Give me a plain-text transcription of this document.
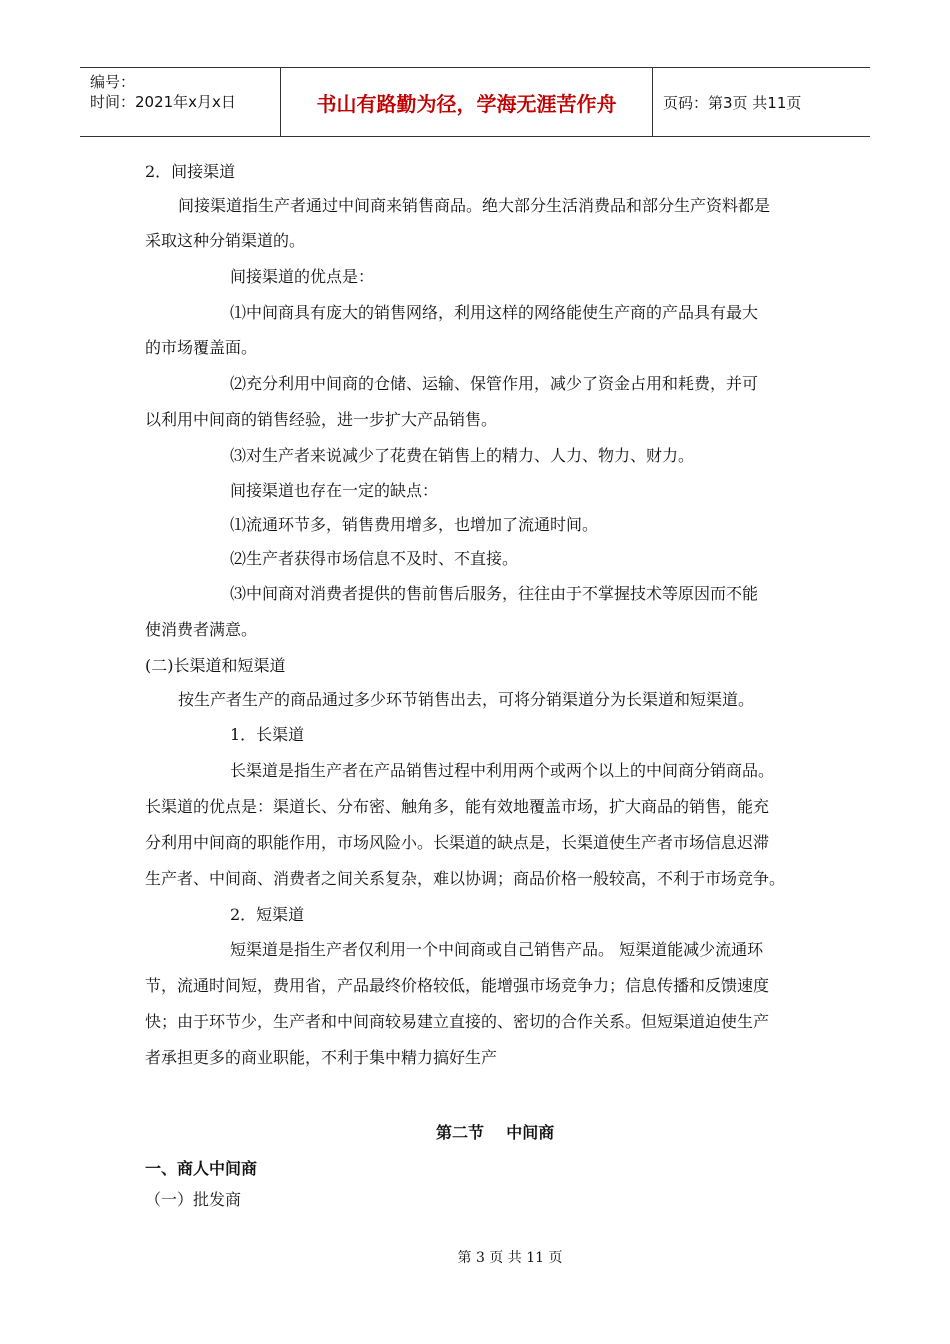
编号：
时间：2021年x月x日	书山有路勤为径，学海无涯苦作舟	页码：第3页 共11页
2．间接渠道
间接渠道指生产者通过中间商来销售商品。绝大部分生活消费品和部分生产资料都是
采取这种分销渠道的。
间接渠道的优点是：
⑴中间商具有庞大的销售网络，利用这样的网络能使生产商的产品具有最大
的市场覆盖面。
⑵充分利用中间商的仓储、运输、保管作用，减少了资金占用和耗费，并可
以利用中间商的销售经验，进一步扩大产品销售。
⑶对生产者来说减少了花费在销售上的精力、人力、物力、财力。
间接渠道也存在一定的缺点：
⑴流通环节多，销售费用增多，也增加了流通时间。
⑵生产者获得市场信息不及时、不直接。
⑶中间商对消费者提供的售前售后服务，往往由于不掌握技术等原因而不能
使消费者满意。
(二)长渠道和短渠道
按生产者生产的商品通过多少环节销售出去，可将分销渠道分为长渠道和短渠道。
1．长渠道
长渠道是指生产者在产品销售过程中利用两个或两个以上的中间商分销商品。
长渠道的优点是：渠道长、分布密、触角多，能有效地覆盖市场，扩大商品的销售，能充
分利用中间商的职能作用，市场风险小。长渠道的缺点是，长渠道使生产者市场信息迟滞
生产者、中间商、消费者之间关系复杂，难以协调；商品价格一般较高，不利于市场竞争。
2．短渠道
短渠道是指生产者仅利用一个中间商或自己销售产品。 短渠道能减少流通环
节，流通时间短，费用省，产品最终价格较低，能增强市场竞争力；信息传播和反馈速度
快；由于环节少，生产者和中间商较易建立直接的、密切的合作关系。但短渠道迫使生产
者承担更多的商业职能，不利于集中精力搞好生产
第二节    中间商
一、商人中间商
（一）批发商
第 3 页 共 11 页
